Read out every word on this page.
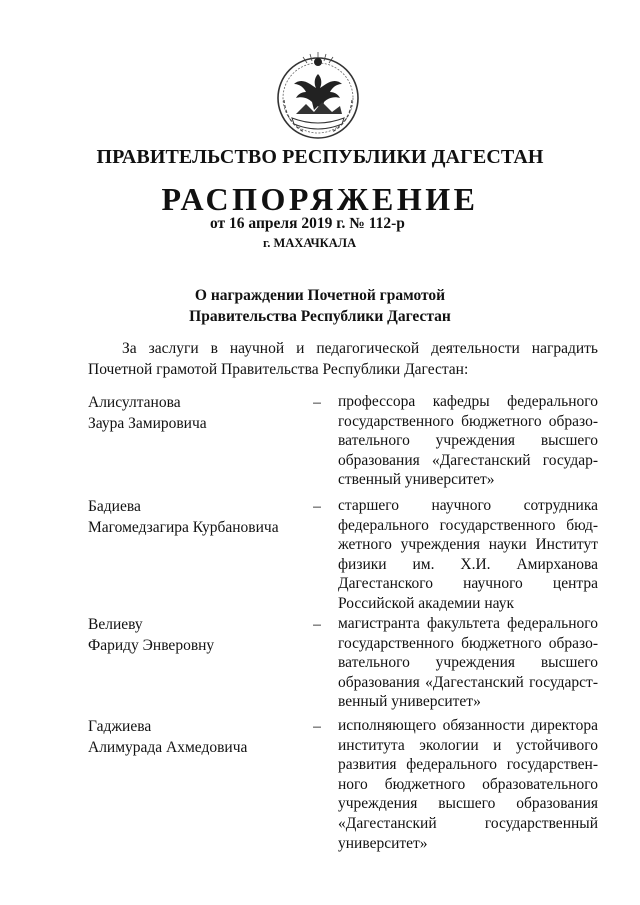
ПРАВИТЕЛЬСТВО РЕСПУБЛИКИ ДАГЕСТАН
РАСПОРЯЖЕНИЕ
от 16 апреля 2019 г. № 112-р
г. МАХАЧКАЛА
О награждении Почетной грамотой
Правительства Республики Дагестан
За заслуги в научной и педагогической деятельности наградить
Почетной грамотой Правительства Республики Дагестан:
Алисултанова
Заура Замировича
– профессора кафедры федерального
государственного бюджетного образо-
вательного учреждения высшего
образования «Дагестанский государ-
ственный университет»
Бадиева
Магомедзагира Курбановича
– старшего научного сотрудника
федерального государственного бюд-
жетного учреждения науки Институт
физики им. Х.И. Амирханова
Дагестанского научного центра
Российской академии наук
Велиеву
Фариду Энверовну
– магистранта факультета федерального
государственного бюджетного образо-
вательного учреждения высшего
образования «Дагестанский государст-
венный университет»
Гаджиева
Алимурада Ахмедовича
– исполняющего обязанности директора
института экологии и устойчивого
развития федерального государствен-
ного бюджетного образовательного
учреждения высшего образования
«Дагестанский государственный
университет»
